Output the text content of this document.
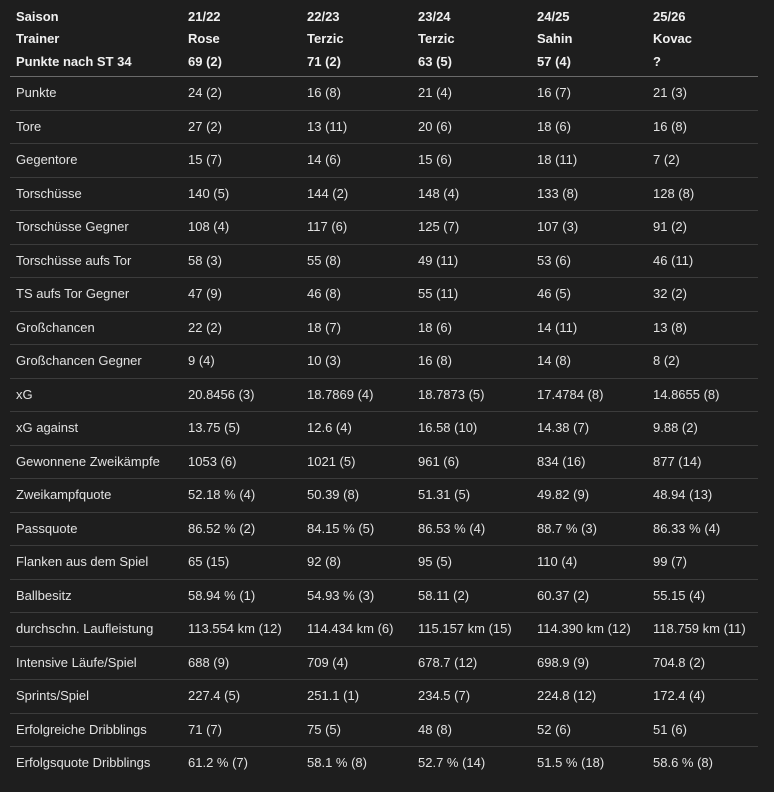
Saison	21/22	22/23	23/24	24/25	25/26
Trainer	Rose	Terzic	Terzic	Sahin	Kovac
Punkte nach ST 34	69 (2)	71 (2)	63 (5)	57 (4)	?
Punkte	24 (2)	16 (8)	21 (4)	16 (7)	21 (3)
Tore	27 (2)	13 (11)	20 (6)	18 (6)	16 (8)
Gegentore	15 (7)	14 (6)	15 (6)	18 (11)	7 (2)
Torschüsse	140 (5)	144 (2)	148 (4)	133 (8)	128 (8)
Torschüsse Gegner	108 (4)	117 (6)	125 (7)	107 (3)	91 (2)
Torschüsse aufs Tor	58 (3)	55 (8)	49 (11)	53 (6)	46 (11)
TS aufs Tor Gegner	47 (9)	46 (8)	55 (11)	46 (5)	32 (2)
Großchancen	22 (2)	18 (7)	18 (6)	14 (11)	13 (8)
Großchancen Gegner	9 (4)	10 (3)	16 (8)	14 (8)	8 (2)
xG	20.8456 (3)	18.7869 (4)	18.7873 (5)	17.4784 (8)	14.8655 (8)
xG against	13.75 (5)	12.6 (4)	16.58 (10)	14.38 (7)	9.88 (2)
Gewonnene Zweikämpfe	1053 (6)	1021 (5)	961 (6)	834 (16)	877 (14)
Zweikampfquote	52.18 % (4)	50.39 (8)	51.31 (5)	49.82 (9)	48.94 (13)
Passquote	86.52 % (2)	84.15 % (5)	86.53 % (4)	88.7 % (3)	86.33 % (4)
Flanken aus dem Spiel	65 (15)	92 (8)	95 (5)	110 (4)	99 (7)
Ballbesitz	58.94 % (1)	54.93 % (3)	58.11 (2)	60.37 (2)	55.15 (4)
durchschn. Laufleistung	113.554 km (12)	114.434 km (6)	115.157 km (15)	114.390 km (12)	118.759 km (11)
Intensive Läufe/Spiel	688 (9)	709 (4)	678.7 (12)	698.9 (9)	704.8 (2)
Sprints/Spiel	227.4 (5)	251.1 (1)	234.5 (7)	224.8 (12)	172.4 (4)
Erfolgreiche Dribblings	71 (7)	75 (5)	48 (8)	52 (6)	51 (6)
Erfolgsquote Dribblings	61.2 % (7)	58.1 % (8)	52.7 % (14)	51.5 % (18)	58.6 % (8)
